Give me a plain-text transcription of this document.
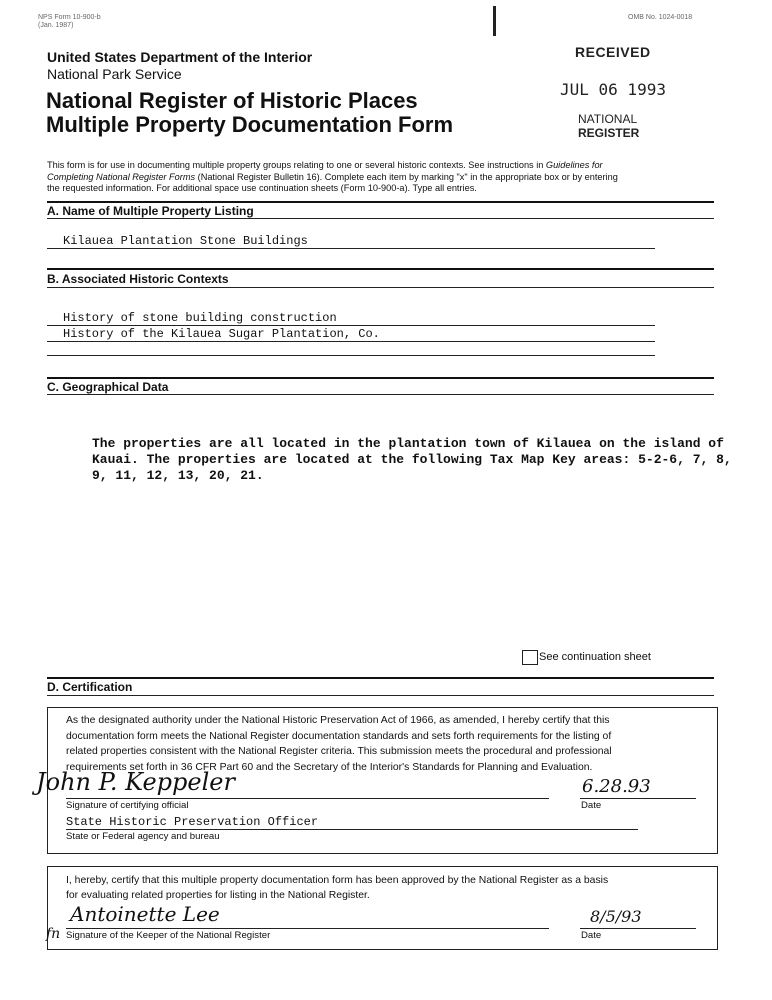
NPS Form 10-900-b
(Jan. 1987)
OMB No. 1024-0018
United States Department of the Interior
National Park Service
National Register of Historic Places
Multiple Property Documentation Form
RECEIVED
JUL 06 1993
NATIONAL
REGISTER
This form is for use in documenting multiple property groups relating to one or several historic contexts. See instructions in Guidelines for
Completing National Register Forms (National Register Bulletin 16). Complete each item by marking "x" in the appropriate box or by entering
the requested information. For additional space use continuation sheets (Form 10-900-a). Type all entries.
A. Name of Multiple Property Listing
Kilauea Plantation Stone Buildings
B. Associated Historic Contexts
History of stone building construction
History of the Kilauea Sugar Plantation, Co.
C. Geographical Data
The properties are all located in the plantation town of Kilauea on the island of
Kauai. The properties are located at the following Tax Map Key areas: 5-2-6, 7, 8,
9, 11, 12, 13, 20, 21.
See continuation sheet
D. Certification
As the designated authority under the National Historic Preservation Act of 1966, as amended, I hereby certify that this
documentation form meets the National Register documentation standards and sets forth requirements for the listing of
related properties consistent with the National Register criteria. This submission meets the procedural and professional
requirements set forth in 36 CFR Part 60 and the Secretary of the Interior's Standards for Planning and Evaluation.
John P. Keppeler
Signature of certifying official
6.28.93
Date
State Historic Preservation Officer
State or Federal agency and bureau
I, hereby, certify that this multiple property documentation form has been approved by the National Register as a basis
for evaluating related properties for listing in the National Register.
Antoinette Lee
fn Signature of the Keeper of the National Register
8/5/93
Date
